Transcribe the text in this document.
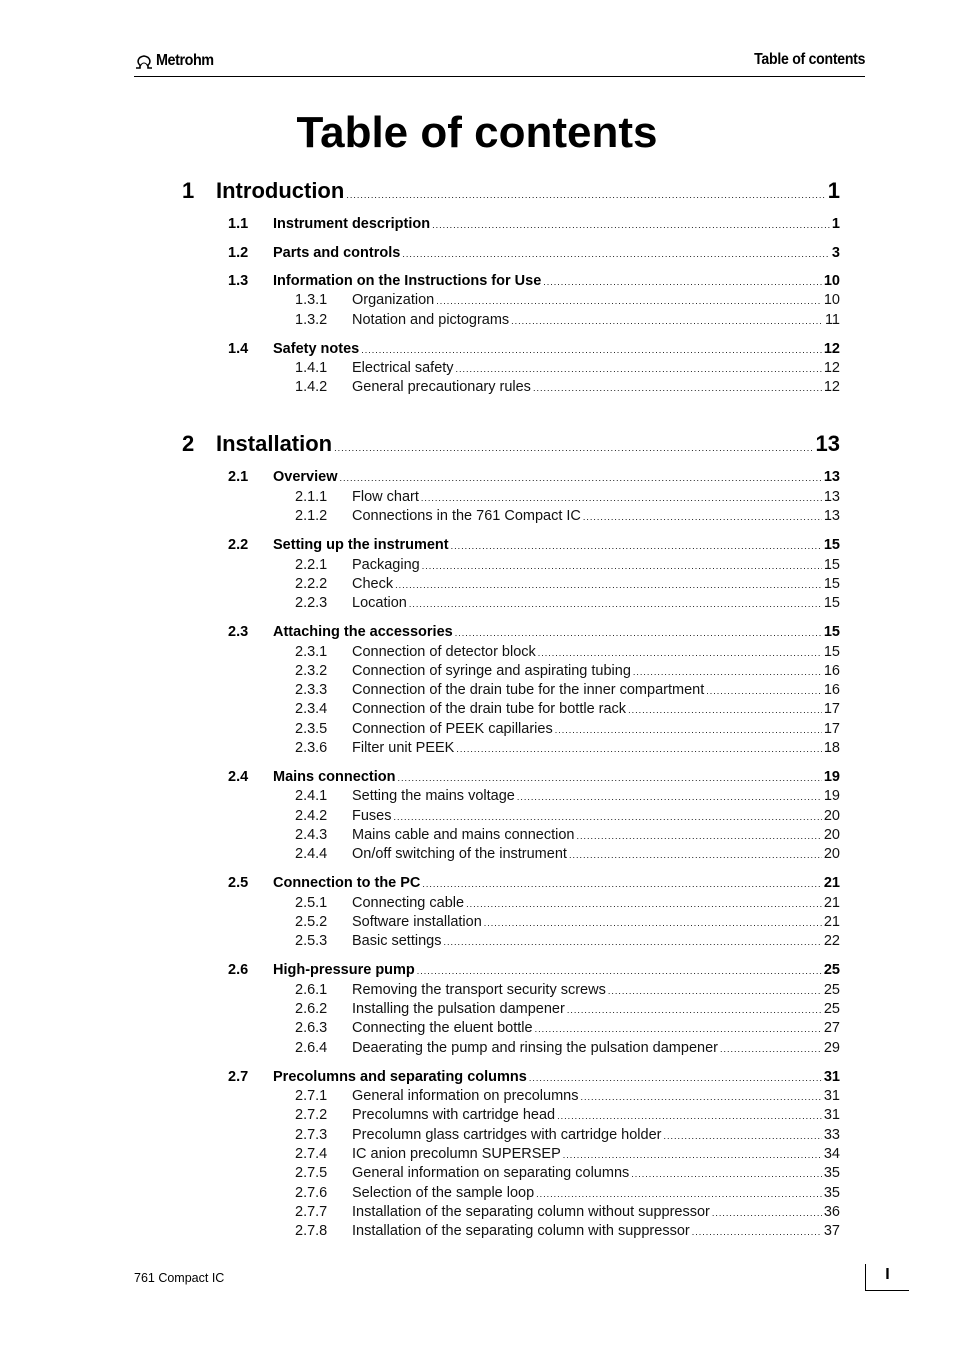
Metrohm	Table of contents
Table of contents
1 Introduction .....	1
1.1	Instrument description .....	1
1.2	Parts and controls .....	3
1.3	Information on the Instructions for Use .....	10
1.3.1	Organization .....	10
1.3.2	Notation and pictograms .....	11
1.4	Safety notes .....	12
1.4.1	Electrical safety .....	12
1.4.2	General precautionary rules .....	12
2 Installation .....	13
2.1	Overview .....	13
2.1.1	Flow chart .....	13
2.1.2	Connections in the 761 Compact IC .....	13
2.2	Setting up the instrument .....	15
2.2.1	Packaging .....	15
2.2.2	Check .....	15
2.2.3	Location .....	15
2.3	Attaching the accessories .....	15
2.3.1	Connection of detector block .....	15
2.3.2	Connection of syringe and aspirating tubing .....	16
2.3.3	Connection of the drain tube for the inner compartment .....	16
2.3.4	Connection of the drain tube for bottle rack .....	17
2.3.5	Connection of PEEK capillaries .....	17
2.3.6	Filter unit PEEK .....	18
2.4	Mains connection .....	19
2.4.1	Setting the mains voltage .....	19
2.4.2	Fuses .....	20
2.4.3	Mains cable and mains connection .....	20
2.4.4	On/off switching of the instrument .....	20
2.5	Connection to the PC .....	21
2.5.1	Connecting cable .....	21
2.5.2	Software installation .....	21
2.5.3	Basic settings .....	22
2.6	High-pressure pump .....	25
2.6.1	Removing the transport security screws .....	25
2.6.2	Installing the pulsation dampener .....	25
2.6.3	Connecting the eluent bottle .....	27
2.6.4	Deaerating the pump and rinsing the pulsation dampener .....	29
2.7	Precolumns and separating columns .....	31
2.7.1	General information on precolumns .....	31
2.7.2	Precolumns with cartridge head .....	31
2.7.3	Precolumn glass cartridges with cartridge holder .....	33
2.7.4	IC anion precolumn SUPERSEP .....	34
2.7.5	General information on separating columns .....	35
2.7.6	Selection of the sample loop .....	35
2.7.7	Installation of the separating column without suppressor .....	36
2.7.8	Installation of the separating column with suppressor .....	37
761 Compact IC	I
